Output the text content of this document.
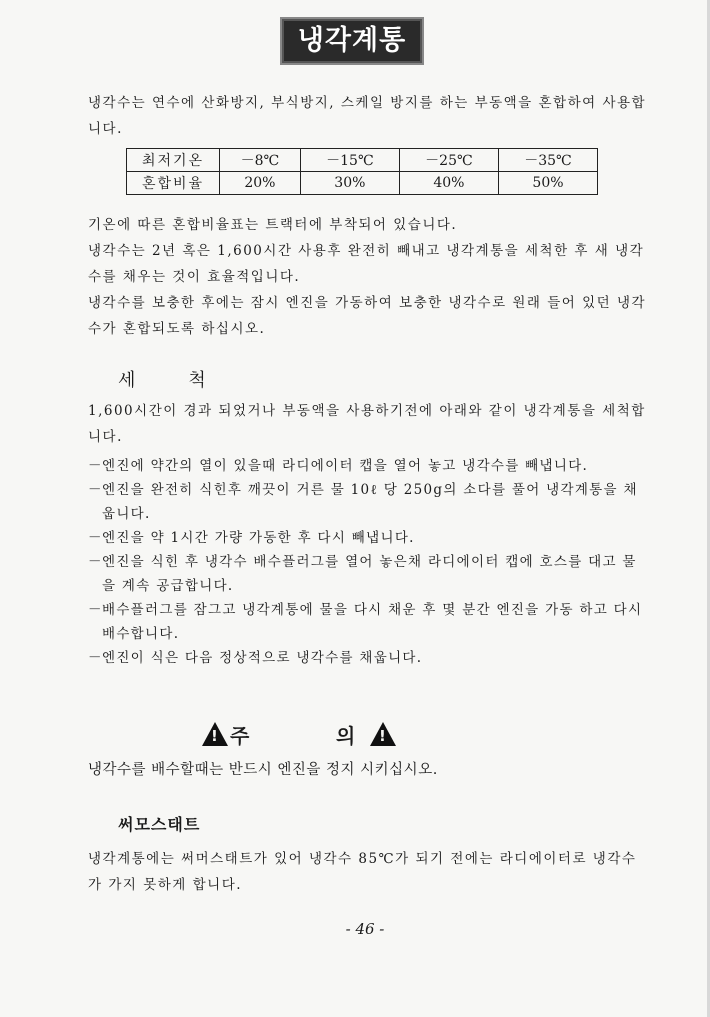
냉각계통

냉각수는 연수에 산화방지, 부식방지, 스케일 방지를 하는 부동액을 혼합하여 사용합니다.

최저기온	－8℃	－15℃	－25℃	－35℃
혼합비율	20%	30%	40%	50%

기온에 따른 혼합비율표는 트랙터에 부착되어 있습니다.

냉각수는 2년 혹은 1,600시간 사용후 완전히 빼내고 냉각계통을 세척한 후 새 냉각수를 채우는 것이 효율적입니다.

냉각수를 보충한 후에는 잠시 엔진을 가동하여 보충한 냉각수로 원래 들어 있던 냉각수가 혼합되도록 하십시오.

세	척

1,600시간이 경과 되었거나 부동액을 사용하기전에 아래와 같이 냉각계통을 세척합니다.

－ 엔진에 약간의 열이 있을때 라디에이터 캡을 열어 놓고 냉각수를 빼냅니다.
－ 엔진을 완전히 식힌후 깨끗이 거른 물 10ℓ 당 250g의 소다를 풀어 냉각계통을 채웁니다.
－ 엔진을 약 1시간 가량 가동한 후 다시 빼냅니다.
－ 엔진을 식힌 후 냉각수 배수플러그를 열어 놓은채 라디에이터 캡에 호스를 대고 물을 계속 공급합니다.
－ 배수플러그를 잠그고 냉각계통에 물을 다시 채운 후 몇 분간 엔진을 가동 하고 다시 배수합니다.
－ 엔진이 식은 다음 정상적으로 냉각수를 채웁니다.
!
주	의
!
냉각수를 배수할때는 반드시 엔진을 정지 시키십시오.
써모스태트

냉각계통에는 써머스태트가 있어 냉각수 85℃가 되기 전에는 라디에이터로 냉각수가 가지 못하게 합니다.

- 46 -
